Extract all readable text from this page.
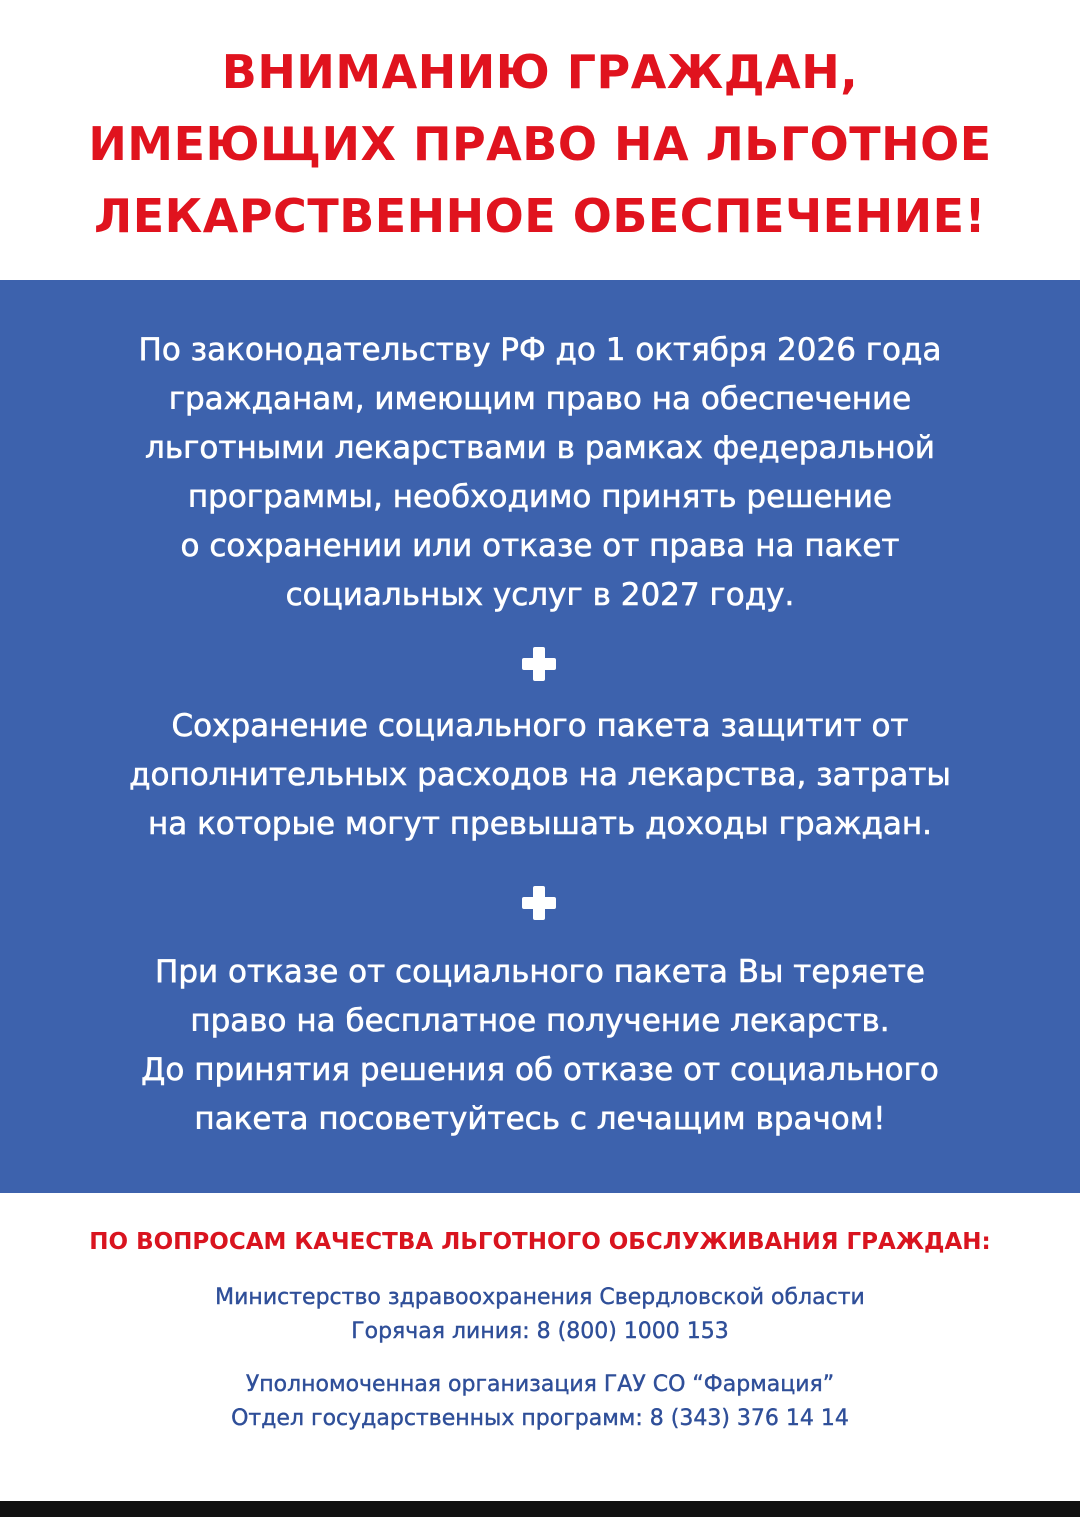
ВНИМАНИЮ ГРАЖДАН,
ИМЕЮЩИХ ПРАВО НА ЛЬГОТНОЕ
ЛЕКАРСТВЕННОЕ ОБЕСПЕЧЕНИЕ!

По законодательству РФ до 1 октября 2026 года
гражданам, имеющим право на обеспечение
льготными лекарствами в рамках федеральной
программы, необходимо принять решение
о сохранении или отказе от права на пакет
социальных услуг в 2027 году.

Сохранение социального пакета защитит от
дополнительных расходов на лекарства, затраты
на которые могут превышать доходы граждан.

При отказе от социального пакета Вы теряете
право на бесплатное получение лекарств.
До принятия решения об отказе от социального
пакета посоветуйтесь с лечащим врачом!

ПО ВОПРОСАМ КАЧЕСТВА ЛЬГОТНОГО ОБСЛУЖИВАНИЯ ГРАЖДАН:
Министерство здравоохранения Свердловской области
Горячая линия: 8 (800) 1000 153
Уполномоченная организация ГАУ СО “Фармация”
Отдел государственных программ: 8 (343) 376 14 14
